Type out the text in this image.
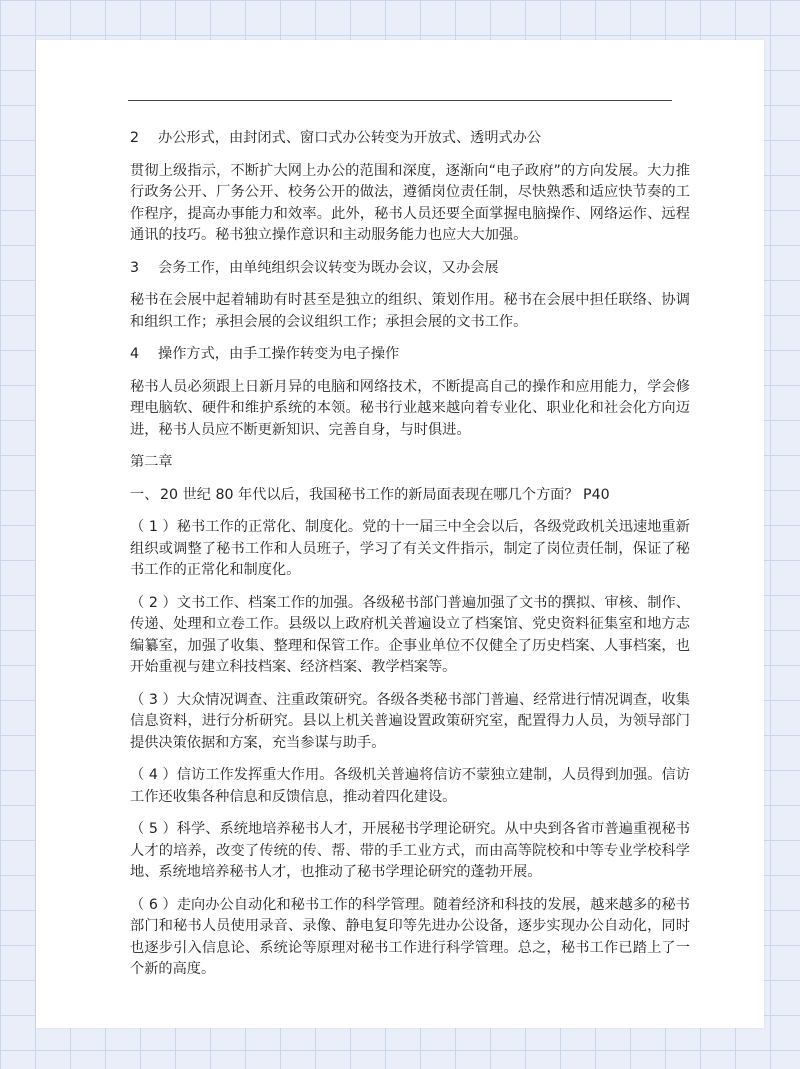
2 办公形式，由封闭式、窗口式办公转变为开放式、透明式办公

贯彻上级指示，不断扩大网上办公的范围和深度，逐渐向“电子政府”的方向发展。大力推行政务公开、厂务公开、校务公开的做法，遵循岗位责任制，尽快熟悉和适应快节奏的工作程序，提高办事能力和效率。此外，秘书人员还要全面掌握电脑操作、网络运作、远程通讯的技巧。秘书独立操作意识和主动服务能力也应大大加强。

3 会务工作，由单纯组织会议转变为既办会议，又办会展

秘书在会展中起着辅助有时甚至是独立的组织、策划作用。秘书在会展中担任联络、协调和组织工作；承担会展的会议组织工作；承担会展的文书工作。

4 操作方式，由手工操作转变为电子操作

秘书人员必须跟上日新月异的电脑和网络技术，不断提高自己的操作和应用能力，学会修理电脑软、硬件和维护系统的本领。秘书行业越来越向着专业化、职业化和社会化方向迈进，秘书人员应不断更新知识、完善自身，与时俱进。

第二章

一、 20 世纪 80 年代以后，我国秘书工作的新局面表现在哪几个方面？ P40

（ 1 ）秘书工作的正常化、制度化。党的十一届三中全会以后，各级党政机关迅速地重新组织或调整了秘书工作和人员班子，学习了有关文件指示，制定了岗位责任制，保证了秘书工作的正常化和制度化。

（ 2 ）文书工作、档案工作的加强。各级秘书部门普遍加强了文书的撰拟、审核、制作、传递、处理和立卷工作。县级以上政府机关普遍设立了档案馆、党史资料征集室和地方志编纂室，加强了收集、整理和保管工作。企事业单位不仅健全了历史档案、人事档案，也开始重视与建立科技档案、经济档案、教学档案等。

（ 3 ）大众情况调查、注重政策研究。各级各类秘书部门普遍、经常进行情况调查，收集信息资料，进行分析研究。县以上机关普遍设置政策研究室，配置得力人员，为领导部门提供决策依据和方案，充当参谋与助手。

（ 4 ）信访工作发挥重大作用。各级机关普遍将信访不蒙独立建制，人员得到加强。信访工作还收集各种信息和反馈信息，推动着四化建设。

（ 5 ）科学、系统地培养秘书人才，开展秘书学理论研究。从中央到各省市普遍重视秘书人才的培养，改变了传统的传、帮、带的手工业方式，而由高等院校和中等专业学校科学地、系统地培养秘书人才，也推动了秘书学理论研究的蓬勃开展。

（ 6 ）走向办公自动化和秘书工作的科学管理。随着经济和科技的发展，越来越多的秘书部门和秘书人员使用录音、录像、静电复印等先进办公设备，逐步实现办公自动化，同时也逐步引入信息论、系统论等原理对秘书工作进行科学管理。总之，秘书工作已踏上了一个新的高度。
